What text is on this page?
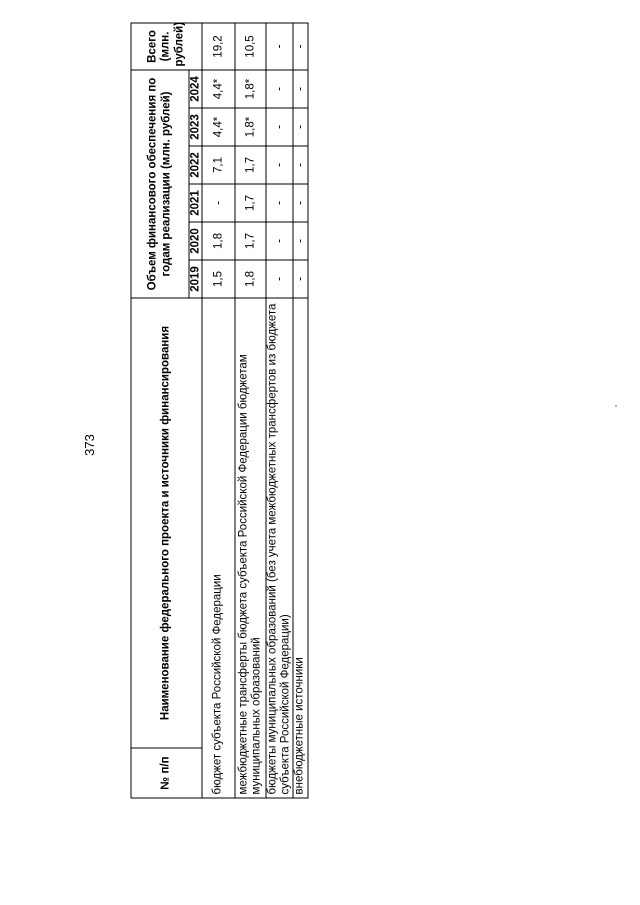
373
№ п/п	Наименование федерального проекта и источники финансирования	Объем финансового обеспечения по годам реализации (млн. рублей)						Всего (млн. рублей)
		2019	2020	2021	2022	2023	2024	
бюджет субъекта Российской Федерации		1,5	1,8	-	7,1	4,4*	4,4*	19,2
межбюджетные трансферты бюджета субъекта Российской Федерации бюджетам муниципальных образований		1,8	1,7	1,7	1,7	1,8*	1,8*	10,5
бюджеты муниципальных образований (без учета межбюджетных трансфертов из бюджета субъекта Российской Федерации)		-	-	-	-	-	-	-
внебюджетные источники		-	-	-	-	-	-	-
